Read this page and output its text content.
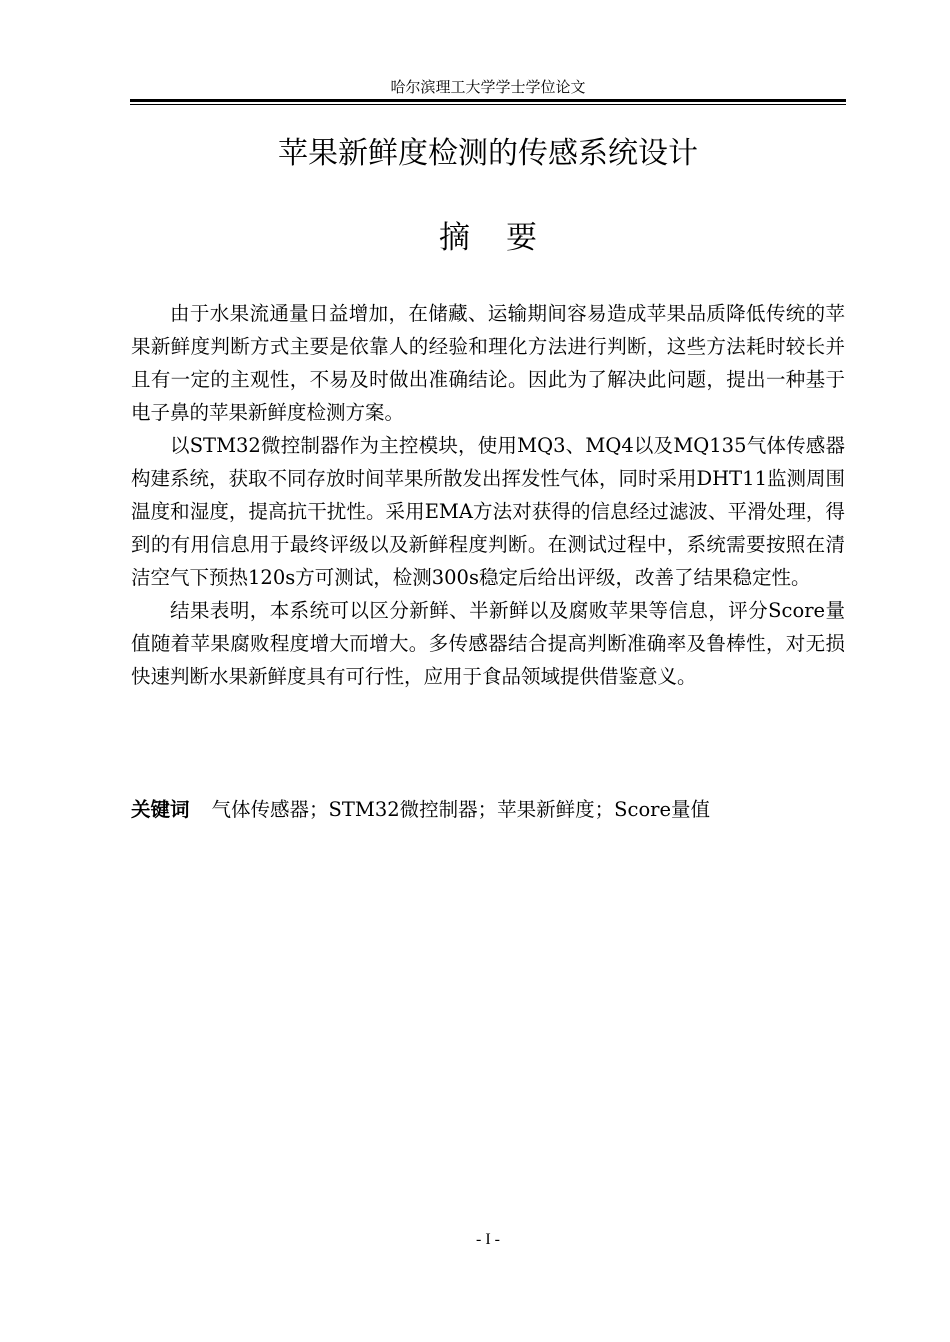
哈尔滨理工大学学士学位论文
苹果新鲜度检测的传感系统设计
摘要

由于水果流通量日益增加，在储藏、运输期间容易造成苹果品质降低传统的苹果新鲜度判断方式主要是依靠人的经验和理化方法进行判断，这些方法耗时较长并且有一定的主观性，不易及时做出准确结论。因此为了解决此问题，提出一种基于电子鼻的苹果新鲜度检测方案。

以STM32微控制器作为主控模块，使用MQ3、MQ4以及MQ135气体传感器构建系统，获取不同存放时间苹果所散发出挥发性气体，同时采用DHT11监测周围温度和湿度，提高抗干扰性。采用EMA方法对获得的信息经过滤波、平滑处理，得到的有用信息用于最终评级以及新鲜程度判断。在测试过程中，系统需要按照在清洁空气下预热120s方可测试，检测300s稳定后给出评级，改善了结果稳定性。

结果表明，本系统可以区分新鲜、半新鲜以及腐败苹果等信息，评分Score量值随着苹果腐败程度增大而增大。多传感器结合提高判断准确率及鲁棒性，对无损快速判断水果新鲜度具有可行性，应用于食品领域提供借鉴意义。

关键词 气体传感器；STM32微控制器；苹果新鲜度；Score量值
- I -
